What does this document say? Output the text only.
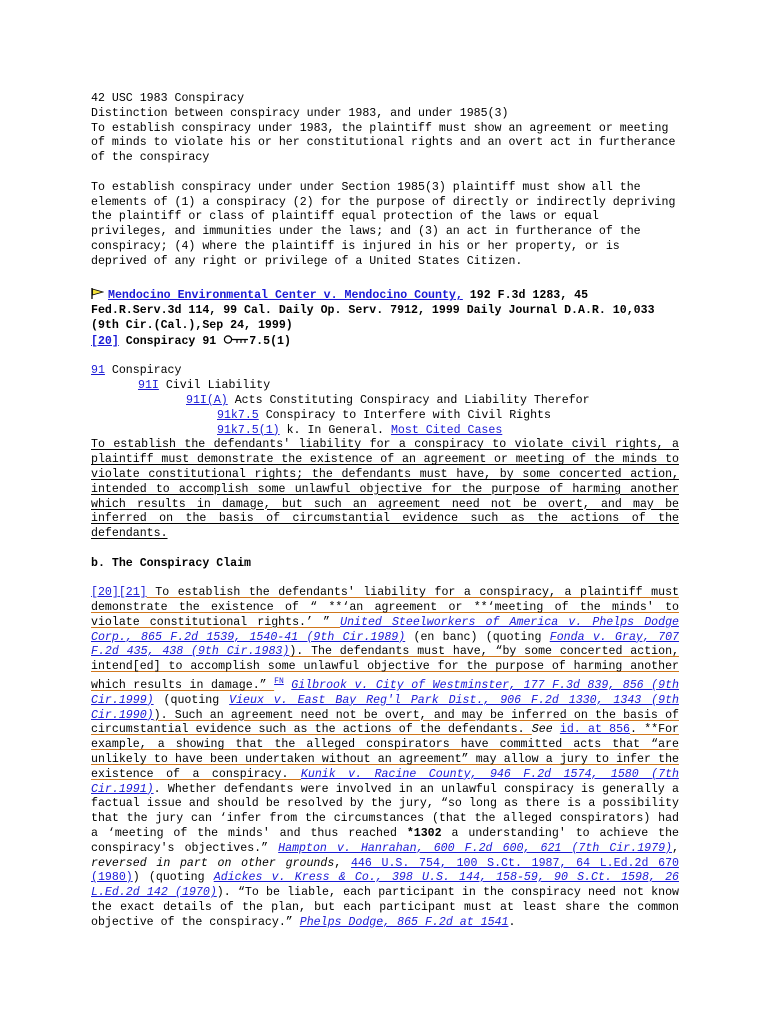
42 USC 1983 Conspiracy

Distinction between conspiracy under 1983, and under 1985(3)

To establish conspiracy under 1983, the plaintiff must show an agreement or meeting of minds to violate his or her constitutional rights and an overt act in furtherance of the conspiracy

To establish conspiracy under under Section 1985(3) plaintiff must show all the elements of (1) a conspiracy (2) for the purpose of directly or indirectly depriving the plaintiff or class of plaintiff equal protection of the laws or equal privileges, and immunities under the laws; and (3) an act in furtherance of the conspiracy; (4) where the plaintiff is injured in his or her property, or is deprived of any right or privilege of a United States Citizen.

Mendocino Environmental Center v. Mendocino County, 192 F.3d 1283, 45 Fed.R.Serv.3d 114, 99 Cal. Daily Op. Serv. 7912, 1999 Daily Journal D.A.R. 10,033 (9th Cir.(Cal.),Sep 24, 1999)

[20] Conspiracy 91 7.5(1)

91 Conspiracy

91I Civil Liability

91I(A) Acts Constituting Conspiracy and Liability Therefor

91k7.5 Conspiracy to Interfere with Civil Rights

91k7.5(1) k. In General. Most Cited Cases

To establish the defendants' liability for a conspiracy to violate civil rights, a plaintiff must demonstrate the existence of an agreement or meeting of the minds to violate constitutional rights; the defendants must have, by some concerted action, intended to accomplish some unlawful objective for the purpose of harming another which results in damage, but such an agreement need not be overt, and may be inferred on the basis of circumstantial evidence such as the actions of the defendants.

b. The Conspiracy Claim

[20][21] To establish the defendants' liability for a conspiracy, a plaintiff must demonstrate the existence of “ **‘an agreement or **‘meeting of the minds' to violate constitutional rights.’ ” United Steelworkers of America v. Phelps Dodge Corp., 865 F.2d 1539, 1540-41 (9th Cir.1989) (en banc) (quoting Fonda v. Gray, 707 F.2d 435, 438 (9th Cir.1983)). The defendants must have, “by some concerted action, intend[ed] to accomplish some unlawful objective for the purpose of harming another which results in damage.” $^{FN}$ Gilbrook v. City of Westminster, 177 F.3d 839, 856 (9th Cir.1999) (quoting Vieux v. East Bay Reg'l Park Dist., 906 F.2d 1330, 1343 (9th Cir.1990)). Such an agreement need not be overt, and may be inferred on the basis of circumstantial evidence such as the actions of the defendants. See id. at 856. **For example, a showing that the alleged conspirators have committed acts that “are unlikely to have been undertaken without an agreement” may allow a jury to infer the existence of a conspiracy. Kunik v. Racine County, 946 F.2d 1574, 1580 (7th Cir.1991). Whether defendants were involved in an unlawful conspiracy is generally a factual issue and should be resolved by the jury, “so long as there is a possibility that the jury can ‘infer from the circumstances (that the alleged conspirators) had a ‘meeting of the minds' and thus reached *1302 a understanding' to achieve the conspiracy's objectives.” Hampton v. Hanrahan, 600 F.2d 600, 621 (7th Cir.1979), reversed in part on other grounds, 446 U.S. 754, 100 S.Ct. 1987, 64 L.Ed.2d 670 (1980)) (quoting Adickes v. Kress & Co., 398 U.S. 144, 158-59, 90 S.Ct. 1598, 26 L.Ed.2d 142 (1970)). “To be liable, each participant in the conspiracy need not know the exact details of the plan, but each participant must at least share the common objective of the conspiracy.” Phelps Dodge, 865 F.2d at 1541.
